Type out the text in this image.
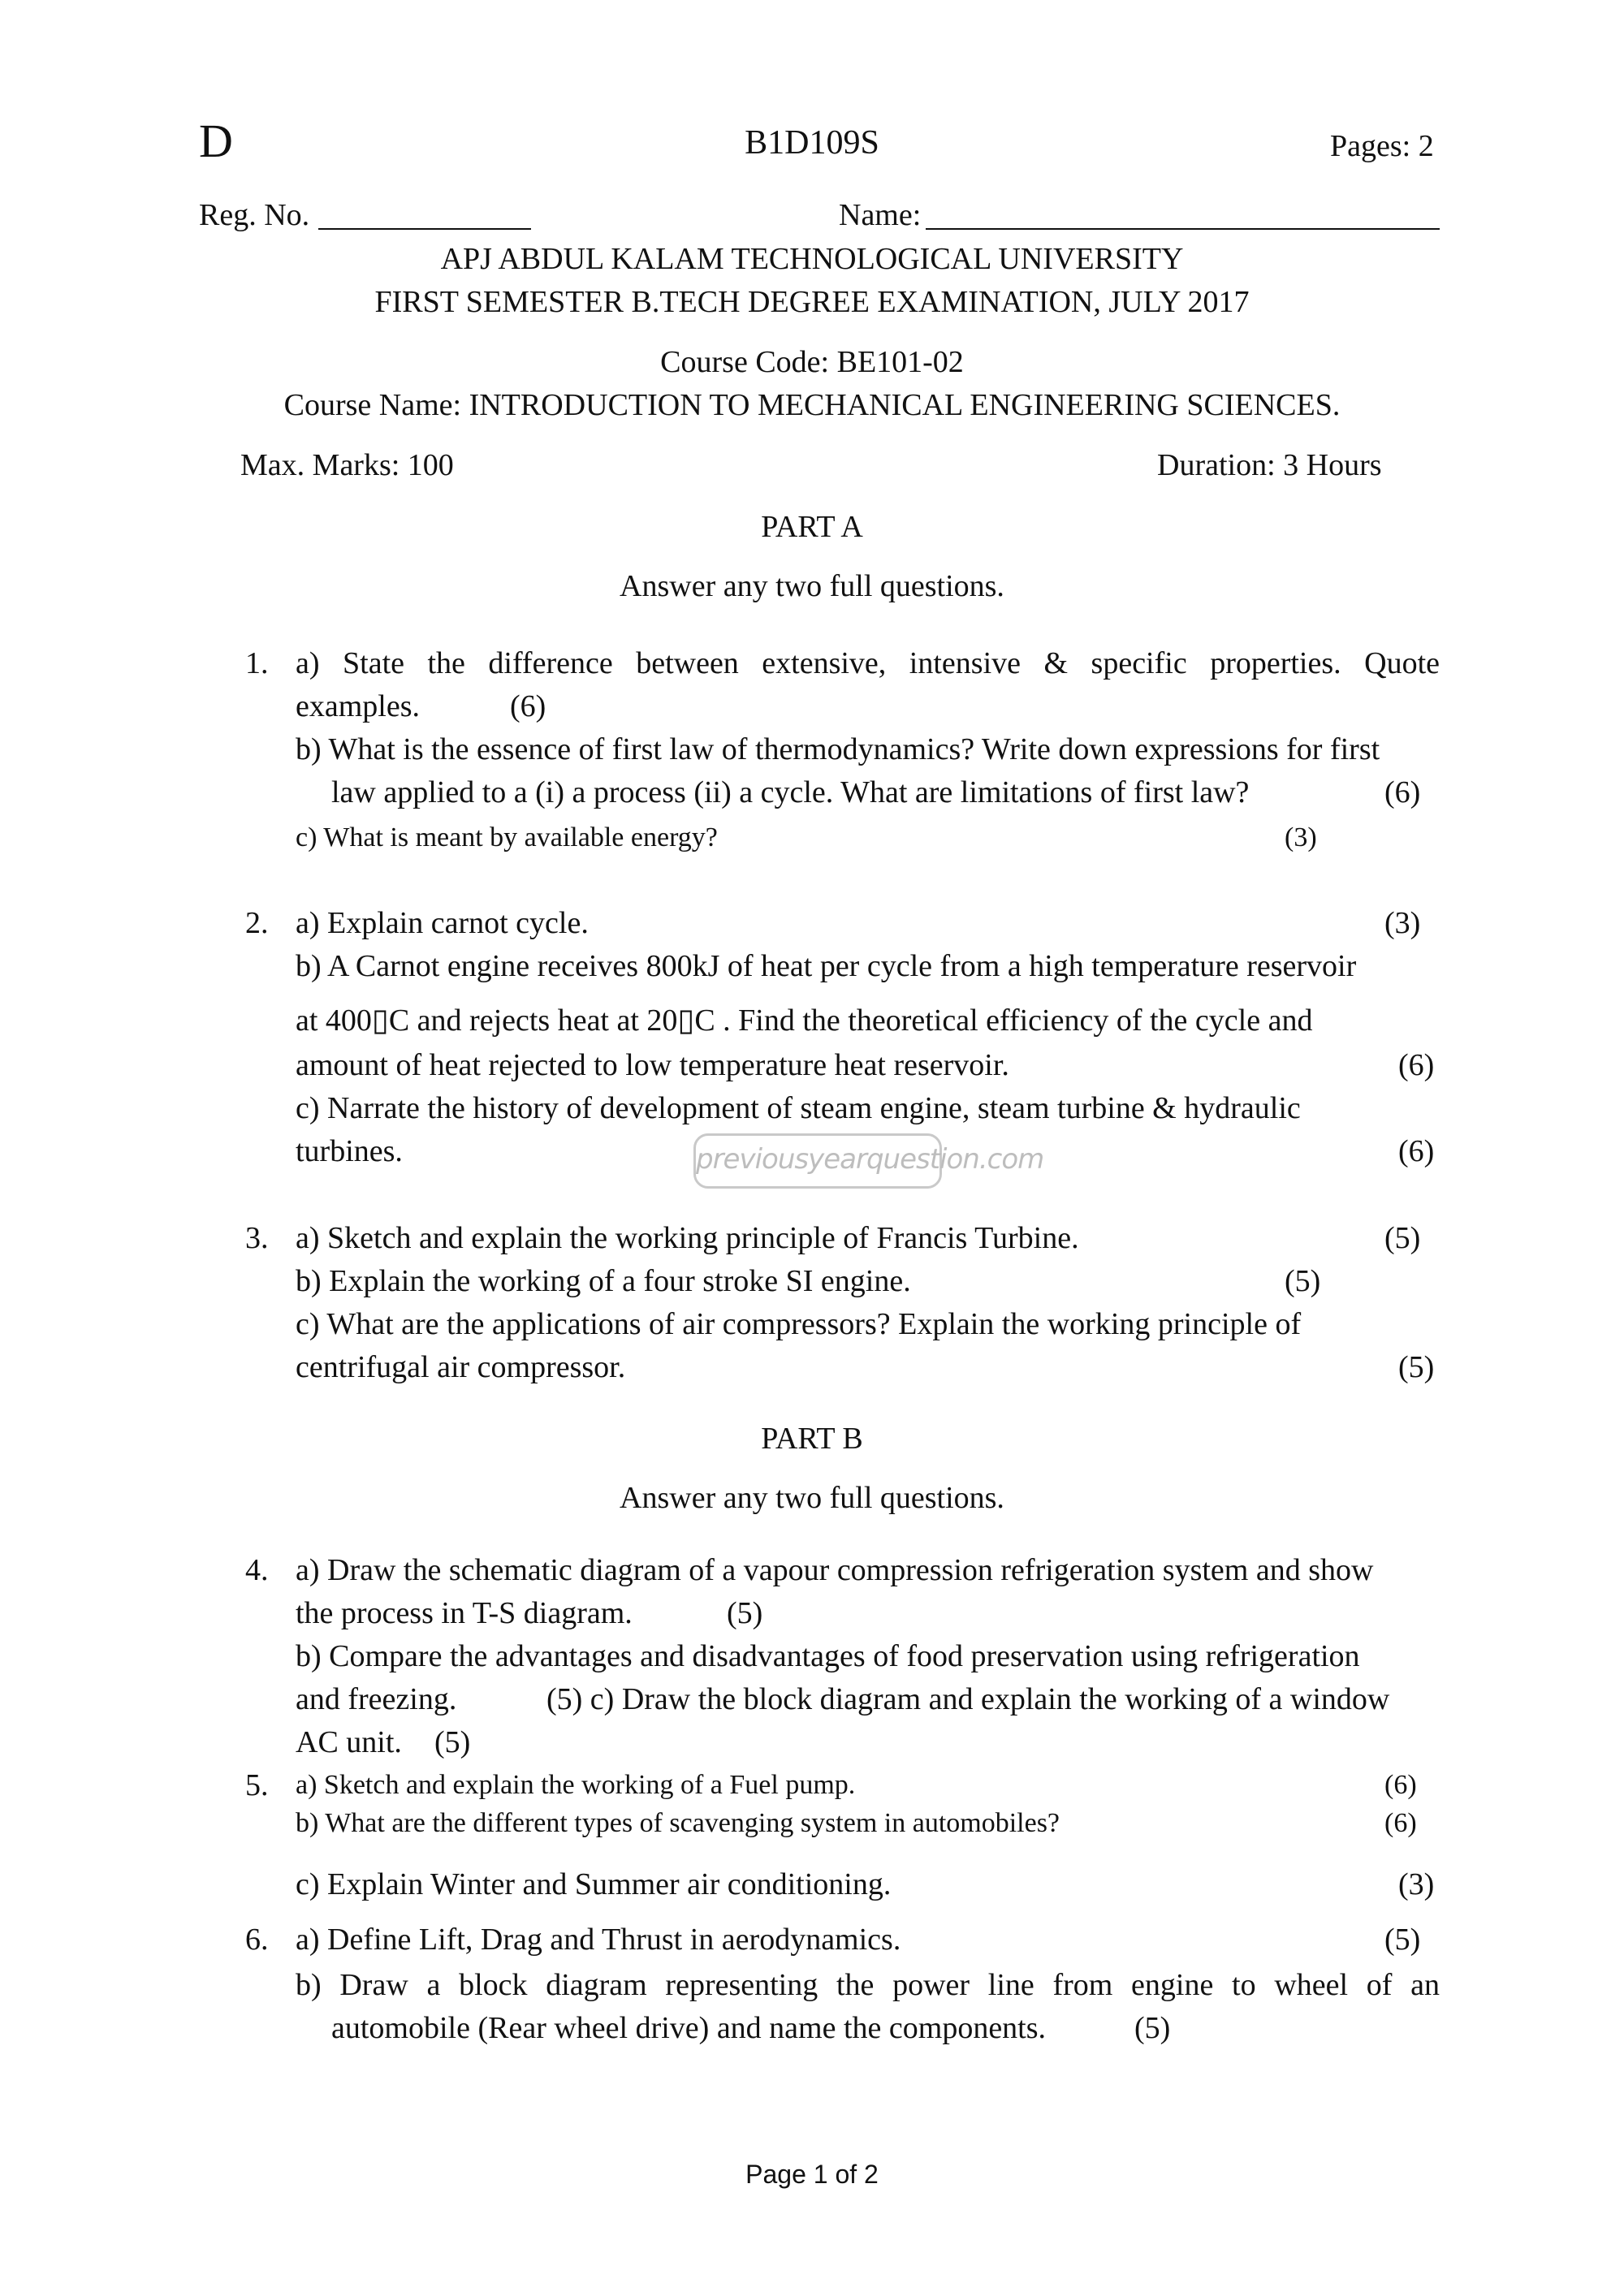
D	B1D109S	Pages: 2
Reg. No.	Name:
APJ ABDUL KALAM TECHNOLOGICAL UNIVERSITY
FIRST SEMESTER B.TECH DEGREE EXAMINATION, JULY 2017
Course Code: BE101-02
Course Name: INTRODUCTION TO MECHANICAL ENGINEERING SCIENCES.
Max. Marks: 100	Duration: 3 Hours
PART A
Answer any two full questions.
1. a) State the difference between extensive, intensive & specific properties. Quote
examples.	(6)
b) What is the essence of first law of thermodynamics? Write down expressions for first
law applied to a (i) a process (ii) a cycle. What are limitations of first law?	(6)
c) What is meant by available energy?	(3)
2. a) Explain carnot cycle.	(3)
b) A Carnot engine receives 800kJ of heat per cycle from a high temperature reservoir
at 400▯C and rejects heat at 20▯C . Find the theoretical efficiency of the cycle and
amount of heat rejected to low temperature heat reservoir.	(6)
c) Narrate the history of development of steam engine, steam turbine & hydraulic
turbines.	(6)
previousyearquestion.com
3. a) Sketch and explain the working principle of Francis Turbine.	(5)
b) Explain the working of a four stroke SI engine.	(5)
c) What are the applications of air compressors? Explain the working principle of
centrifugal air compressor.	(5)
PART B
Answer any two full questions.
4. a) Draw the schematic diagram of a vapour compression refrigeration system and show
the process in T-S diagram.	(5)
b) Compare the advantages and disadvantages of food preservation using refrigeration
and freezing.	(5) c) Draw the block diagram and explain the working of a window
AC unit. (5)
5. a) Sketch and explain the working of a Fuel pump.	(6)
b) What are the different types of scavenging system in automobiles?	(6)
c) Explain Winter and Summer air conditioning.	(3)
6. a) Define Lift, Drag and Thrust in aerodynamics.	(5)
b) Draw a block diagram representing the power line from engine to wheel of an
automobile (Rear wheel drive) and name the components.	(5)
Page 1 of 2
